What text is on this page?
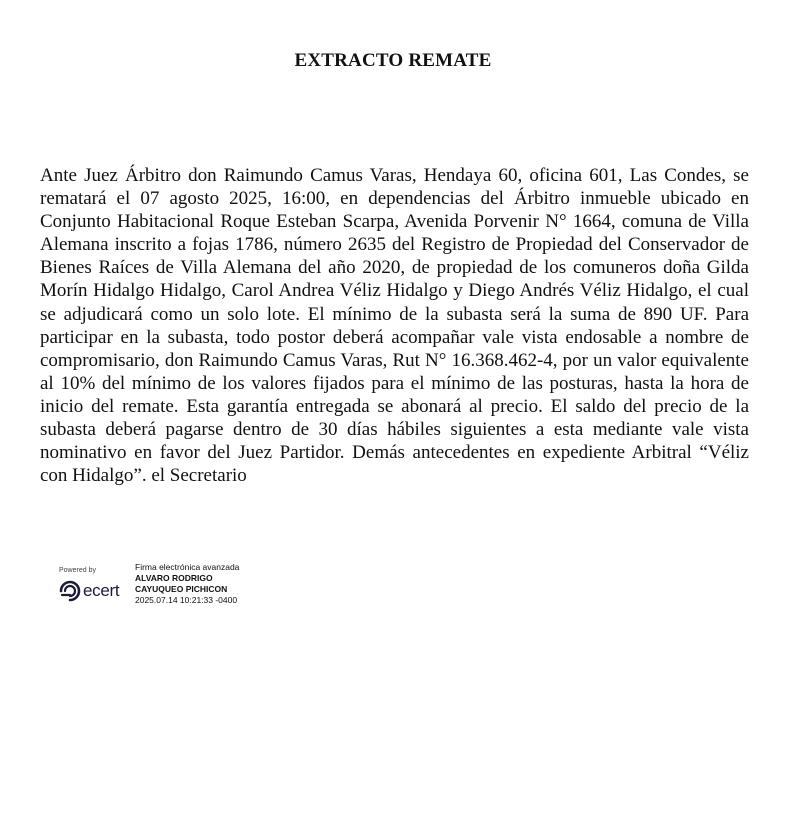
EXTRACTO REMATE

Ante Juez Árbitro don Raimundo Camus Varas, Hendaya 60, oficina 601, Las Condes, se rematará el 07 agosto 2025, 16:00, en dependencias del Árbitro inmueble ubicado en Conjunto Habitacional Roque Esteban Scarpa, Avenida Porvenir N° 1664, comuna de Villa Alemana inscrito a fojas 1786, número 2635 del Registro de Propiedad del Conservador de Bienes Raíces de Villa Alemana del año 2020, de propiedad de los comuneros doña Gilda Morín Hidalgo Hidalgo, Carol Andrea Véliz Hidalgo y Diego Andrés Véliz Hidalgo, el cual se adjudicará como un solo lote. El mínimo de la subasta será la suma de 890 UF. Para participar en la subasta, todo postor deberá acompañar vale vista endosable a nombre de compromisario, don Raimundo Camus Varas, Rut N° 16.368.462-4, por un valor equivalente al 10% del mínimo de los valores fijados para el mínimo de las posturas, hasta la hora de inicio del remate. Esta garantía entregada se abonará al precio. El saldo del precio de la subasta deberá pagarse dentro de 30 días hábiles siguientes a esta mediante vale vista nominativo en favor del Juez Partidor. Demás antecedentes en expediente Arbitral “Véliz con Hidalgo”. el Secretario

Powered by
ecert
Firma electrónica avanzada
ALVARO RODRIGO
CAYUQUEO PICHICON
2025.07.14 10:21:33 -0400
